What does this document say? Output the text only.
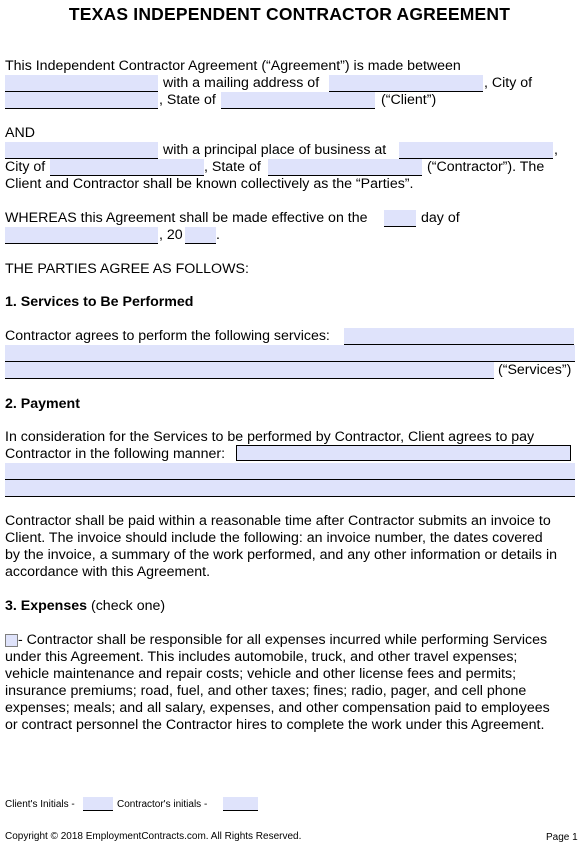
TEXAS INDEPENDENT CONTRACTOR AGREEMENT
This Independent Contractor Agreement (“Agreement”) is made between
with a mailing address of	, City of
, State of	(“Client”)
AND
with a principal place of business at	,
City of	, State of	(“Contractor”). The
Client and Contractor shall be known collectively as the “Parties”.
WHEREAS this Agreement shall be made effective on the	day of
, 20 .
THE PARTIES AGREE AS FOLLOWS:
1. Services to Be Performed
Contractor agrees to perform the following services:
(“Services”)
2. Payment
In consideration for the Services to be performed by Contractor, Client agrees to pay
Contractor in the following manner:
Contractor shall be paid within a reasonable time after Contractor submits an invoice to
Client. The invoice should include the following: an invoice number, the dates covered
by the invoice, a summary of the work performed, and any other information or details in
accordance with this Agreement.
3. Expenses (check one)
- Contractor shall be responsible for all expenses incurred while performing Services
under this Agreement. This includes automobile, truck, and other travel expenses;
vehicle maintenance and repair costs; vehicle and other license fees and permits;
insurance premiums; road, fuel, and other taxes; fines; radio, pager, and cell phone
expenses; meals; and all salary, expenses, and other compensation paid to employees
or contract personnel the Contractor hires to complete the work under this Agreement.
Client's Initials -	Contractor's initials -
Copyright © 2018 EmploymentContracts.com. All Rights Reserved.	Page 1
